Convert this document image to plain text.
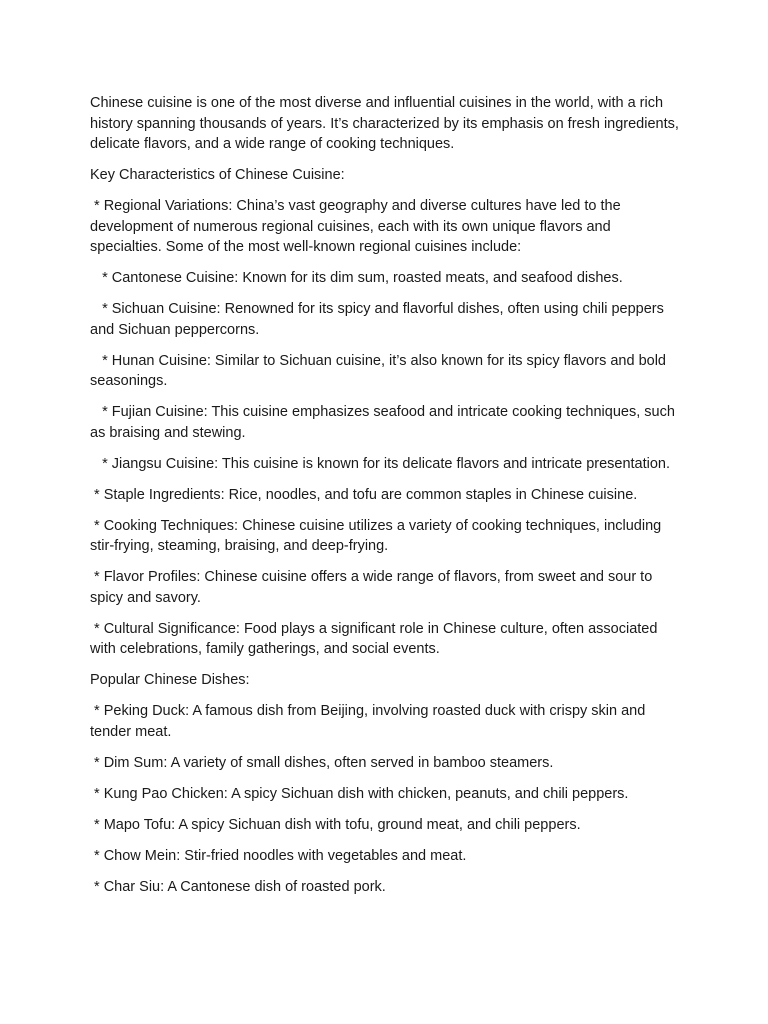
Chinese cuisine is one of the most diverse and influential cuisines in the world, with a rich history spanning thousands of years. It’s characterized by its emphasis on fresh ingredients, delicate flavors, and a wide range of cooking techniques.

Key Characteristics of Chinese Cuisine:

* Regional Variations: China’s vast geography and diverse cultures have led to the development of numerous regional cuisines, each with its own unique flavors and specialties. Some of the most well-known regional cuisines include:

* Cantonese Cuisine: Known for its dim sum, roasted meats, and seafood dishes.

* Sichuan Cuisine: Renowned for its spicy and flavorful dishes, often using chili peppers and Sichuan peppercorns.

* Hunan Cuisine: Similar to Sichuan cuisine, it’s also known for its spicy flavors and bold seasonings.

* Fujian Cuisine: This cuisine emphasizes seafood and intricate cooking techniques, such as braising and stewing.

* Jiangsu Cuisine: This cuisine is known for its delicate flavors and intricate presentation.

* Staple Ingredients: Rice, noodles, and tofu are common staples in Chinese cuisine.

* Cooking Techniques: Chinese cuisine utilizes a variety of cooking techniques, including stir-frying, steaming, braising, and deep-frying.

* Flavor Profiles: Chinese cuisine offers a wide range of flavors, from sweet and sour to spicy and savory.

* Cultural Significance: Food plays a significant role in Chinese culture, often associated with celebrations, family gatherings, and social events.

Popular Chinese Dishes:

* Peking Duck: A famous dish from Beijing, involving roasted duck with crispy skin and tender meat.

* Dim Sum: A variety of small dishes, often served in bamboo steamers.

* Kung Pao Chicken: A spicy Sichuan dish with chicken, peanuts, and chili peppers.

* Mapo Tofu: A spicy Sichuan dish with tofu, ground meat, and chili peppers.

* Chow Mein: Stir-fried noodles with vegetables and meat.

* Char Siu: A Cantonese dish of roasted pork.
